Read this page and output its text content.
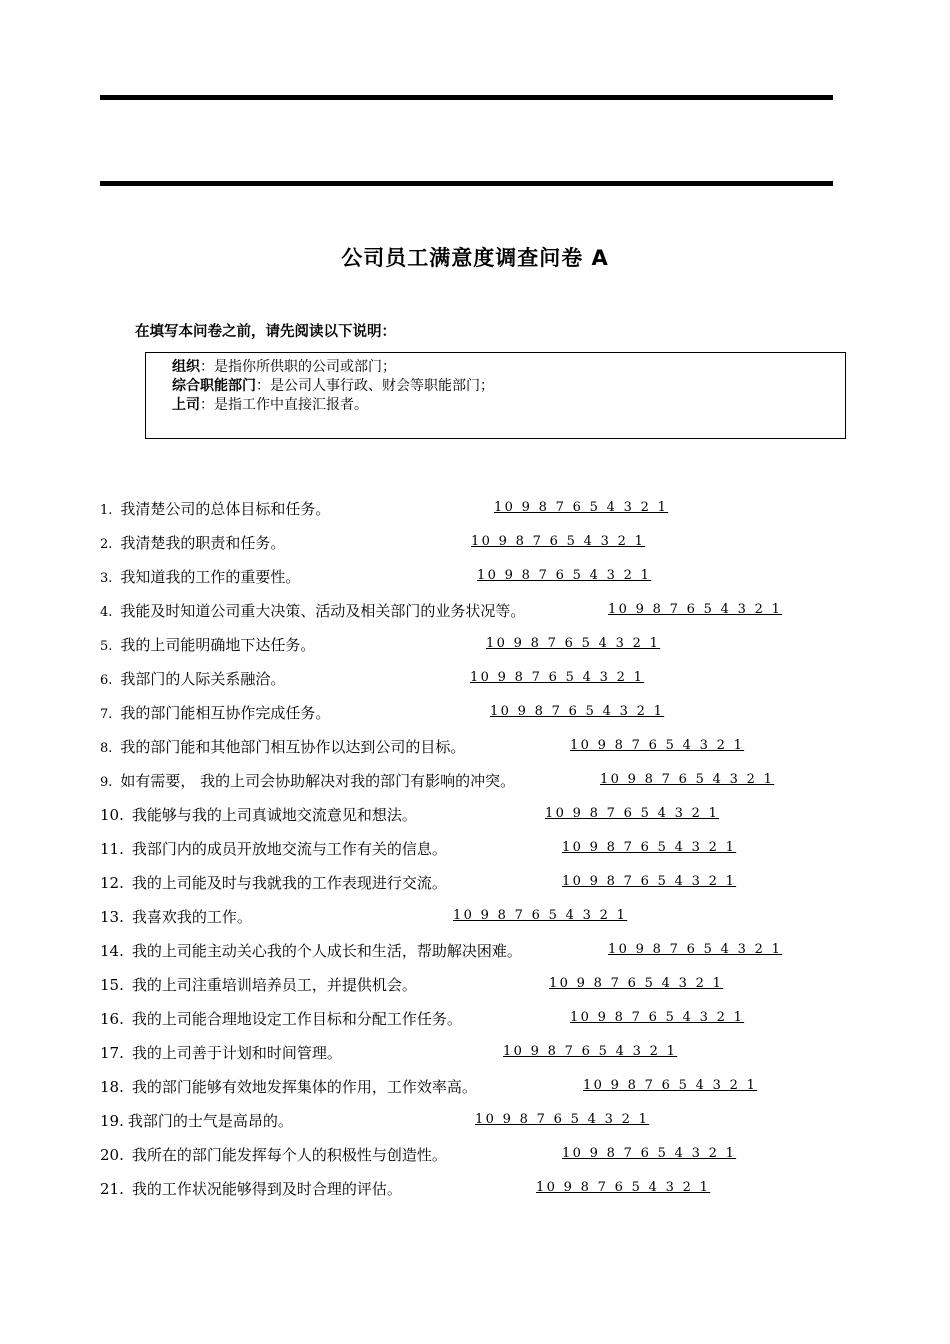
公司员工满意度调查问卷 A
在填写本问卷之前，请先阅读以下说明：
组织：是指你所供职的公司或部门；
综合职能部门：是公司人事行政、财会等职能部门；
上司：是指工作中直接汇报者。
1. 我清楚公司的总体目标和任务。	10 9 8 7 6 5 4 3 2 1
2. 我清楚我的职责和任务。	10 9 8 7 6 5 4 3 2 1
3. 我知道我的工作的重要性。	10 9 8 7 6 5 4 3 2 1
4. 我能及时知道公司重大决策、活动及相关部门的业务状况等。	10 9 8 7 6 5 4 3 2 1
5. 我的上司能明确地下达任务。	10 9 8 7 6 5 4 3 2 1
6. 我部门的人际关系融洽。	10 9 8 7 6 5 4 3 2 1
7. 我的部门能相互协作完成任务。	10 9 8 7 6 5 4 3 2 1
8. 我的部门能和其他部门相互协作以达到公司的目标。	10 9 8 7 6 5 4 3 2 1
9. 如有需要， 我的上司会协助解决对我的部门有影响的冲突。	10 9 8 7 6 5 4 3 2 1
10. 我能够与我的上司真诚地交流意见和想法。	10 9 8 7 6 5 4 3 2 1
11. 我部门内的成员开放地交流与工作有关的信息。	10 9 8 7 6 5 4 3 2 1
12. 我的上司能及时与我就我的工作表现进行交流。	10 9 8 7 6 5 4 3 2 1
13. 我喜欢我的工作。	10 9 8 7 6 5 4 3 2 1
14. 我的上司能主动关心我的个人成长和生活，帮助解决困难。	10 9 8 7 6 5 4 3 2 1
15. 我的上司注重培训培养员工，并提供机会。	10 9 8 7 6 5 4 3 2 1
16. 我的上司能合理地设定工作目标和分配工作任务。	10 9 8 7 6 5 4 3 2 1
17. 我的上司善于计划和时间管理。	10 9 8 7 6 5 4 3 2 1
18. 我的部门能够有效地发挥集体的作用，工作效率高。	10 9 8 7 6 5 4 3 2 1
19. 我部门的士气是高昂的。	10 9 8 7 6 5 4 3 2 1
20. 我所在的部门能发挥每个人的积极性与创造性。	10 9 8 7 6 5 4 3 2 1
21. 我的工作状况能够得到及时合理的评估。	10 9 8 7 6 5 4 3 2 1
